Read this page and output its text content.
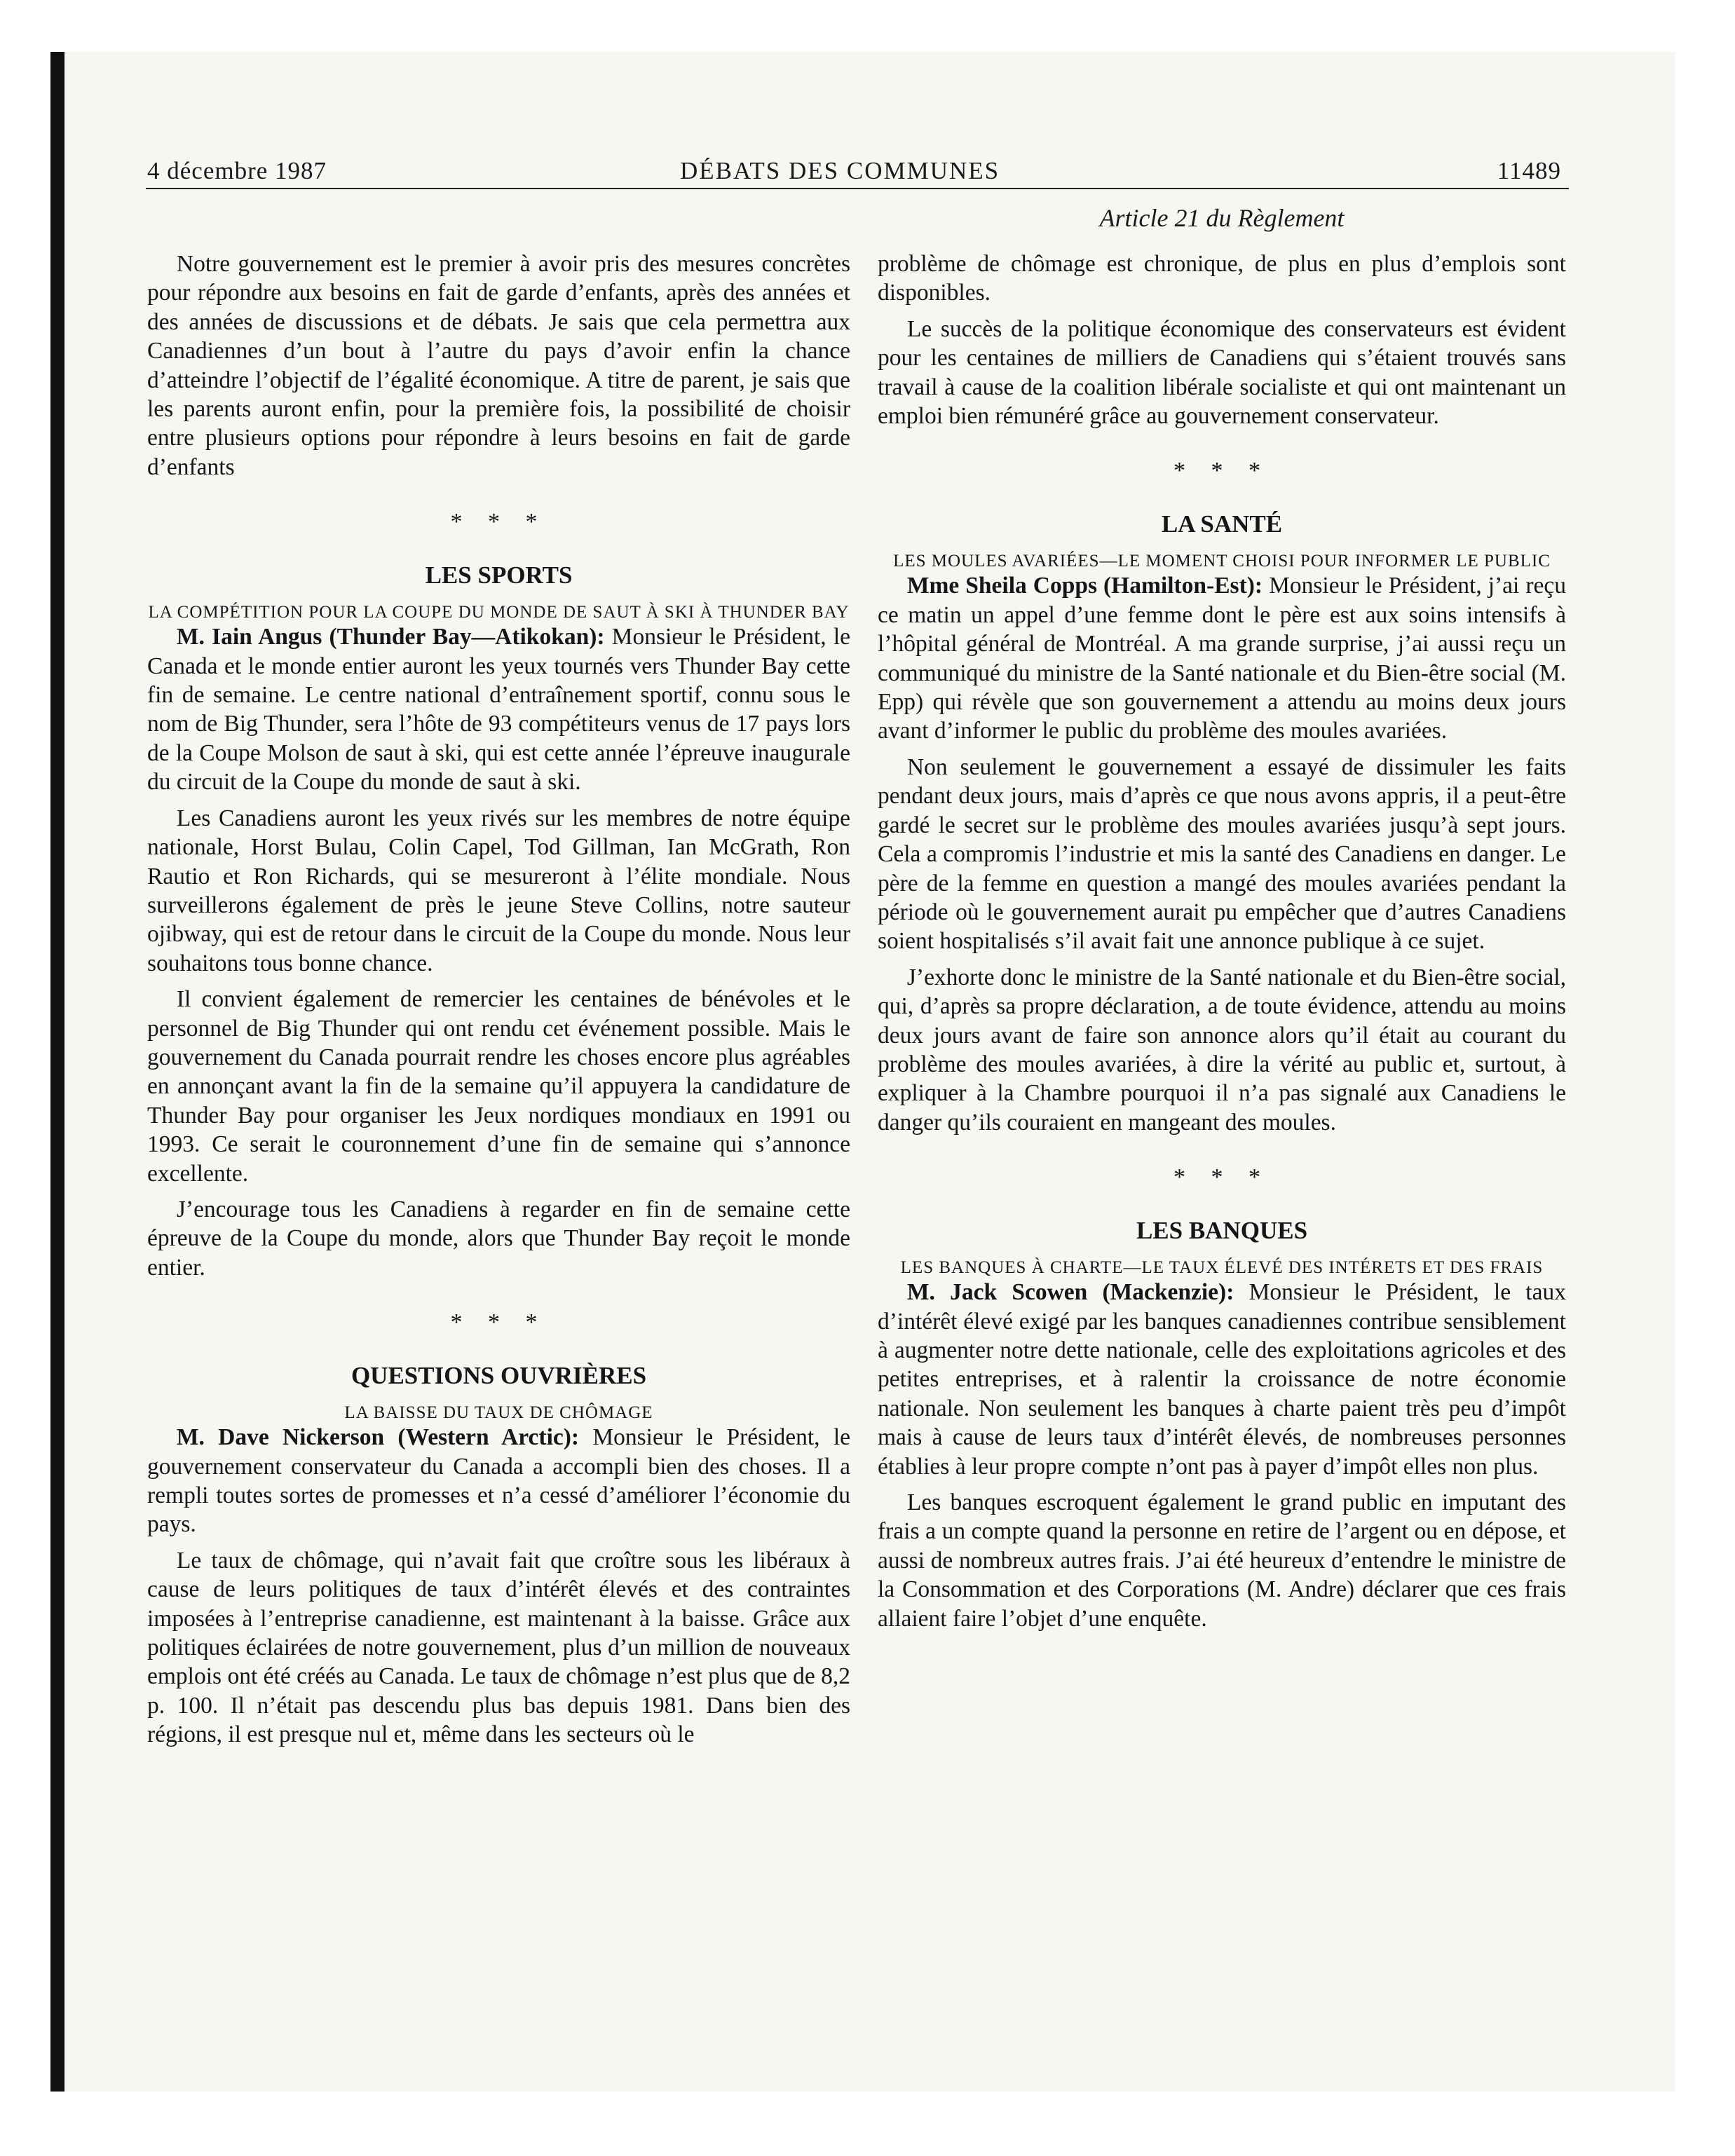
4 décembre 1987	DÉBATS DES COMMUNES	11489
Article 21 du Règlement

Notre gouvernement est le premier à avoir pris des mesures concrètes pour répondre aux besoins en fait de garde d’enfants, après des années et des années de discussions et de débats. Je sais que cela permettra aux Canadiennes d’un bout à l’autre du pays d’avoir enfin la chance d’atteindre l’objectif de l’égalité économique. A titre de parent, je sais que les parents auront enfin, pour la première fois, la possibilité de choisir entre plusieurs options pour répondre à leurs besoins en fait de garde d’enfants

* * *
LES SPORTS
LA COMPÉTITION POUR LA COUPE DU MONDE DE SAUT À SKI À THUNDER BAY

M. Iain Angus (Thunder Bay—Atikokan): Monsieur le Président, le Canada et le monde entier auront les yeux tournés vers Thunder Bay cette fin de semaine. Le centre national d’entraînement sportif, connu sous le nom de Big Thunder, sera l’hôte de 93 compétiteurs venus de 17 pays lors de la Coupe Molson de saut à ski, qui est cette année l’épreuve inaugurale du circuit de la Coupe du monde de saut à ski.

Les Canadiens auront les yeux rivés sur les membres de notre équipe nationale, Horst Bulau, Colin Capel, Tod Gillman, Ian McGrath, Ron Rautio et Ron Richards, qui se mesureront à l’élite mondiale. Nous surveillerons également de près le jeune Steve Collins, notre sauteur ojibway, qui est de retour dans le circuit de la Coupe du monde. Nous leur souhaitons tous bonne chance.

Il convient également de remercier les centaines de bénévoles et le personnel de Big Thunder qui ont rendu cet événement possible. Mais le gouvernement du Canada pourrait rendre les choses encore plus agréables en annonçant avant la fin de la semaine qu’il appuyera la candidature de Thunder Bay pour organiser les Jeux nordiques mondiaux en 1991 ou 1993. Ce serait le couronnement d’une fin de semaine qui s’annonce excellente.

J’encourage tous les Canadiens à regarder en fin de semaine cette épreuve de la Coupe du monde, alors que Thunder Bay reçoit le monde entier.

* * *
QUESTIONS OUVRIÈRES
LA BAISSE DU TAUX DE CHÔMAGE

M. Dave Nickerson (Western Arctic): Monsieur le Président, le gouvernement conservateur du Canada a accompli bien des choses. Il a rempli toutes sortes de promesses et n’a cessé d’améliorer l’économie du pays.

Le taux de chômage, qui n’avait fait que croître sous les libéraux à cause de leurs politiques de taux d’intérêt élevés et des contraintes imposées à l’entreprise canadienne, est maintenant à la baisse. Grâce aux politiques éclairées de notre gouvernement, plus d’un million de nouveaux emplois ont été créés au Canada. Le taux de chômage n’est plus que de 8,2 p. 100. Il n’était pas descendu plus bas depuis 1981. Dans bien des régions, il est presque nul et, même dans les secteurs où le

problème de chômage est chronique, de plus en plus d’emplois sont disponibles.

Le succès de la politique économique des conservateurs est évident pour les centaines de milliers de Canadiens qui s’étaient trouvés sans travail à cause de la coalition libérale socialiste et qui ont maintenant un emploi bien rémunéré grâce au gouvernement conservateur.

* * *
LA SANTÉ
LES MOULES AVARIÉES—LE MOMENT CHOISI POUR INFORMER LE PUBLIC

Mme Sheila Copps (Hamilton-Est): Monsieur le Président, j’ai reçu ce matin un appel d’une femme dont le père est aux soins intensifs à l’hôpital général de Montréal. A ma grande surprise, j’ai aussi reçu un communiqué du ministre de la Santé nationale et du Bien-être social (M. Epp) qui révèle que son gouvernement a attendu au moins deux jours avant d’informer le public du problème des moules avariées.

Non seulement le gouvernement a essayé de dissimuler les faits pendant deux jours, mais d’après ce que nous avons appris, il a peut-être gardé le secret sur le problème des moules avariées jusqu’à sept jours. Cela a compromis l’industrie et mis la santé des Canadiens en danger. Le père de la femme en question a mangé des moules avariées pendant la période où le gouvernement aurait pu empêcher que d’autres Canadiens soient hospitalisés s’il avait fait une annonce publique à ce sujet.

J’exhorte donc le ministre de la Santé nationale et du Bien-être social, qui, d’après sa propre déclaration, a de toute évidence, attendu au moins deux jours avant de faire son annonce alors qu’il était au courant du problème des moules avariées, à dire la vérité au public et, surtout, à expliquer à la Chambre pourquoi il n’a pas signalé aux Canadiens le danger qu’ils couraient en mangeant des moules.

* * *
LES BANQUES
LES BANQUES À CHARTE—LE TAUX ÉLEVÉ DES INTÉRETS ET DES FRAIS

M. Jack Scowen (Mackenzie): Monsieur le Président, le taux d’intérêt élevé exigé par les banques canadiennes contribue sensiblement à augmenter notre dette nationale, celle des exploitations agricoles et des petites entreprises, et à ralentir la croissance de notre économie nationale. Non seulement les banques à charte paient très peu d’impôt mais à cause de leurs taux d’intérêt élevés, de nombreuses personnes établies à leur propre compte n’ont pas à payer d’impôt elles non plus.

Les banques escroquent également le grand public en imputant des frais a un compte quand la personne en retire de l’argent ou en dépose, et aussi de nombreux autres frais. J’ai été heureux d’entendre le ministre de la Consommation et des Corporations (M. Andre) déclarer que ces frais allaient faire l’objet d’une enquête.
